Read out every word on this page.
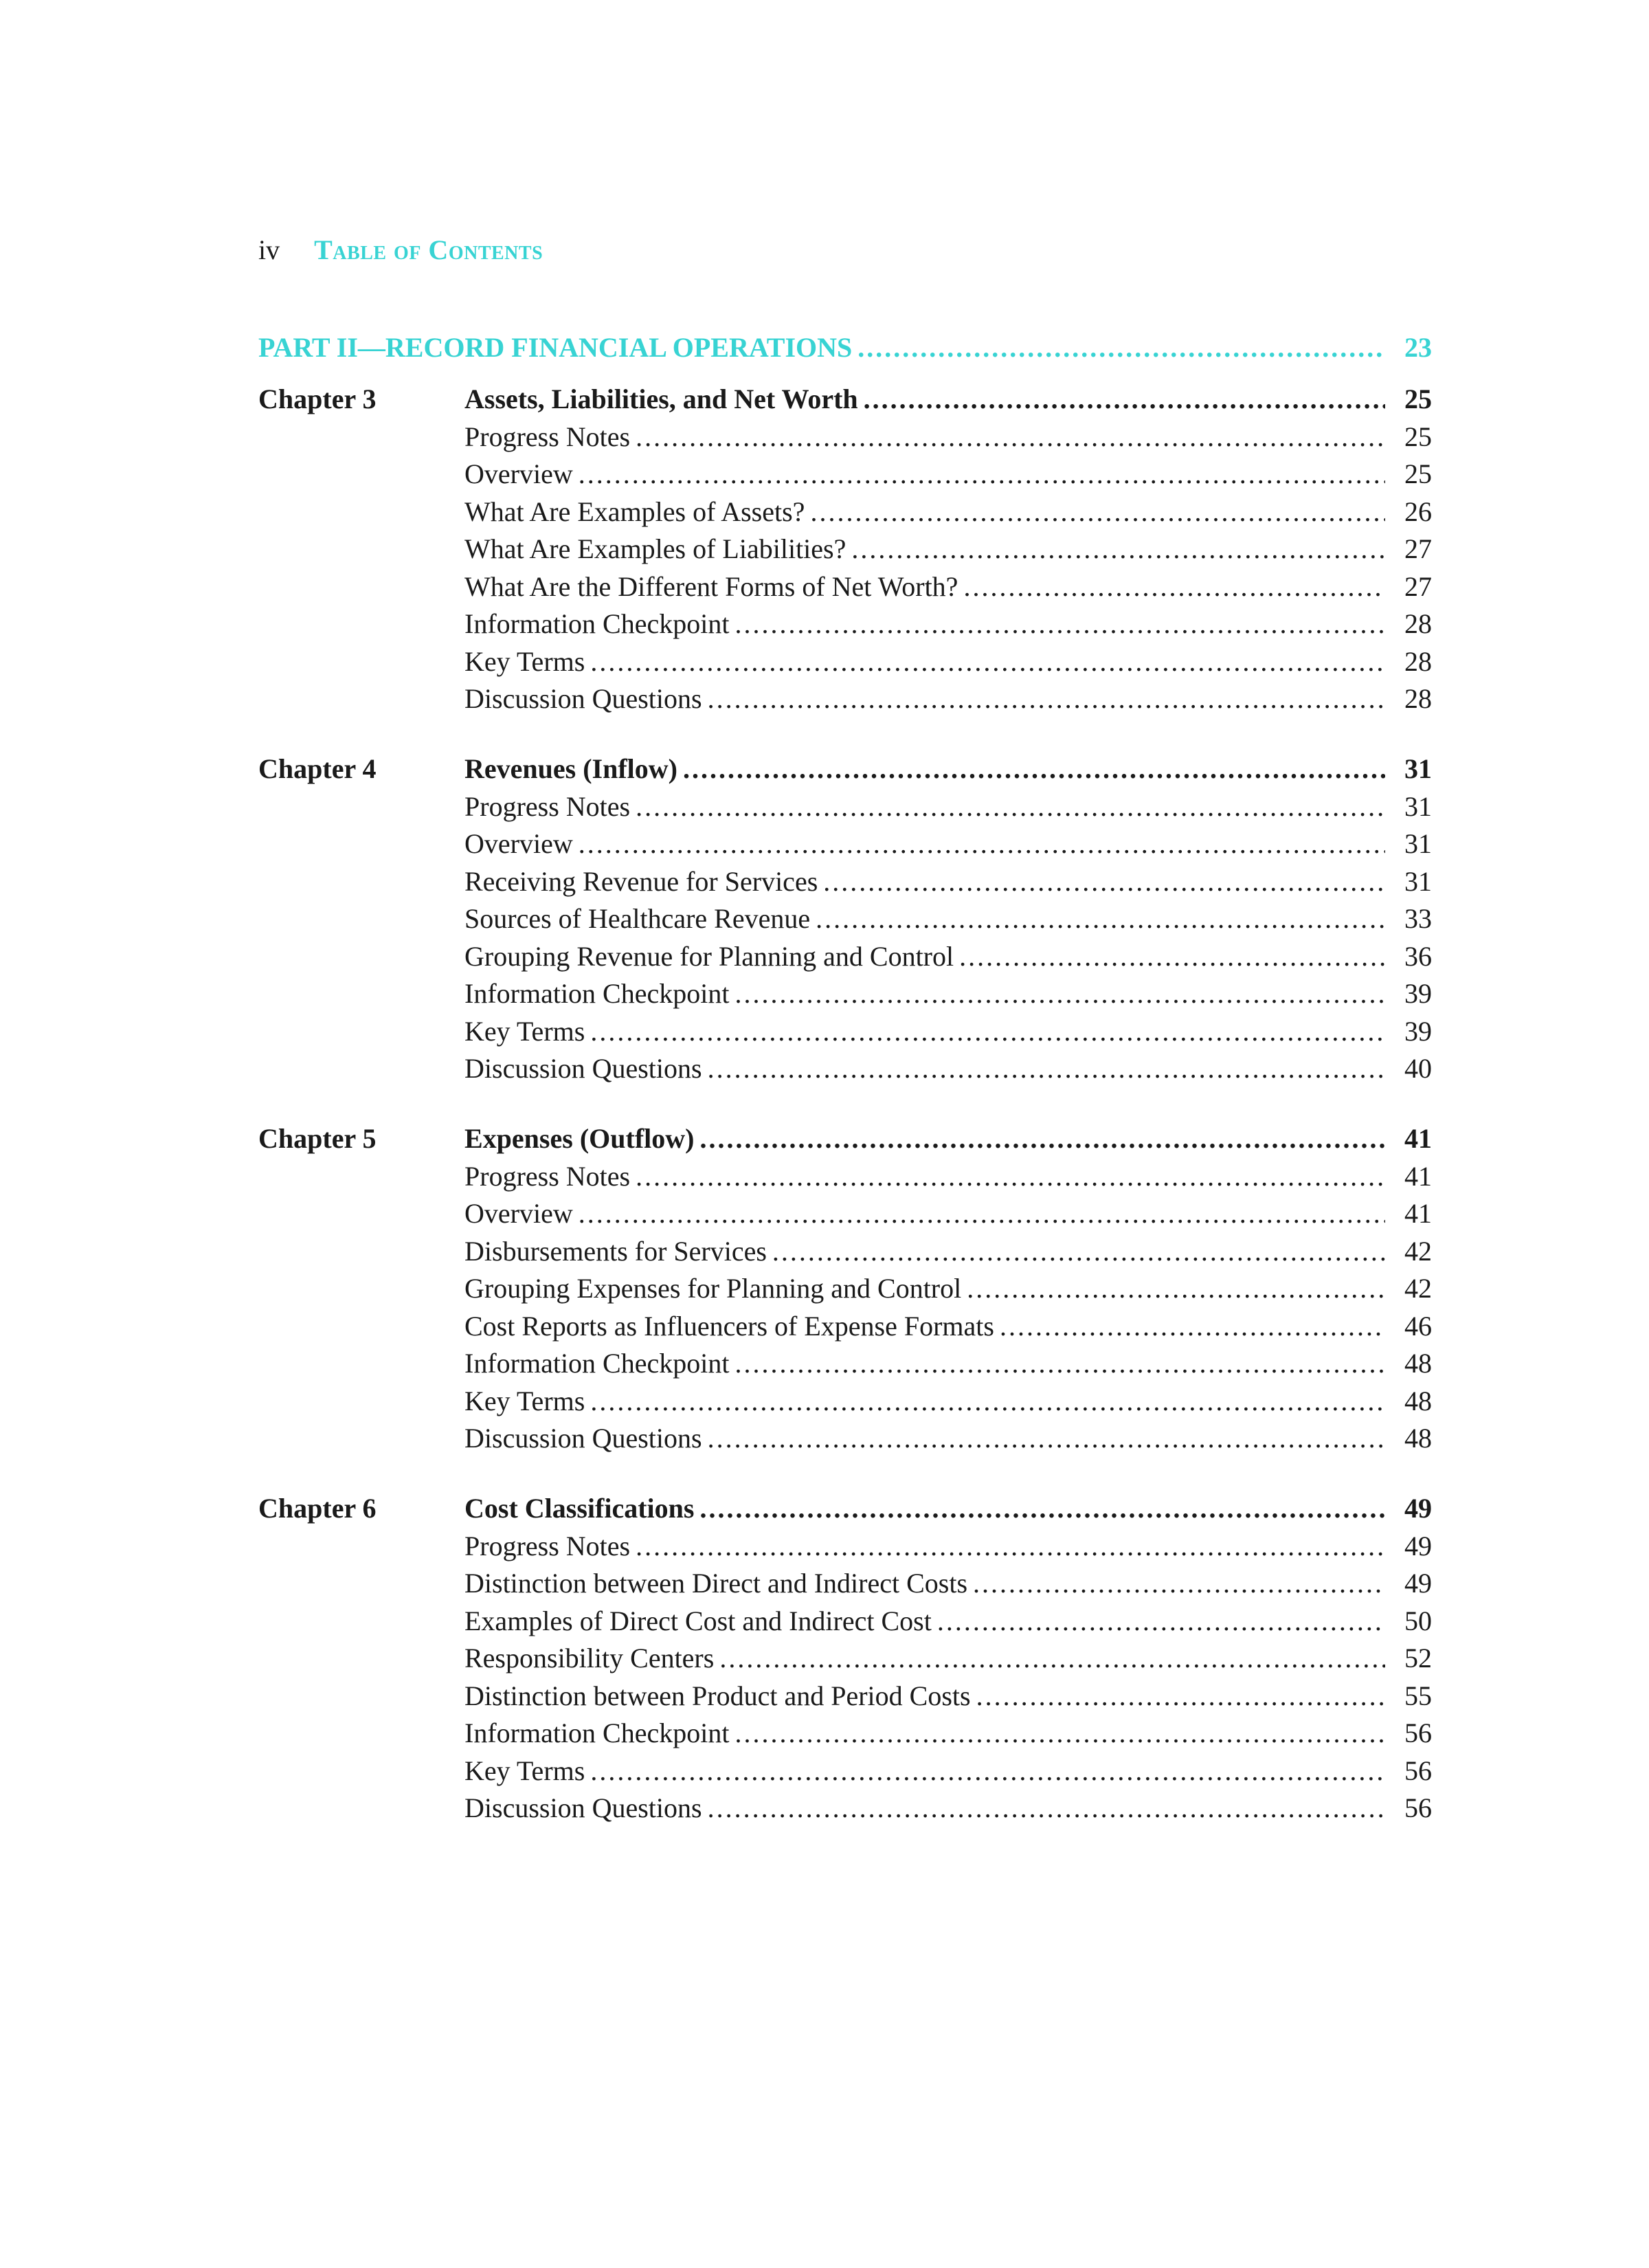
iv Table of Contents
PART II—RECORD FINANCIAL OPERATIONS .....	23
Chapter 3	Assets, Liabilities, and Net Worth .....	25
Progress Notes .....	25
Overview .....	25
What Are Examples of Assets? .....	26
What Are Examples of Liabilities? .....	27
What Are the Different Forms of Net Worth? .....	27
Information Checkpoint .....	28
Key Terms .....	28
Discussion Questions .....	28
Chapter 4	Revenues (Inflow) .....	31
Progress Notes .....	31
Overview .....	31
Receiving Revenue for Services .....	31
Sources of Healthcare Revenue .....	33
Grouping Revenue for Planning and Control .....	36
Information Checkpoint .....	39
Key Terms .....	39
Discussion Questions .....	40
Chapter 5	Expenses (Outflow) .....	41
Progress Notes .....	41
Overview .....	41
Disbursements for Services .....	42
Grouping Expenses for Planning and Control .....	42
Cost Reports as Influencers of Expense Formats .....	46
Information Checkpoint .....	48
Key Terms .....	48
Discussion Questions .....	48
Chapter 6	Cost Classifications .....	49
Progress Notes .....	49
Distinction between Direct and Indirect Costs .....	49
Examples of Direct Cost and Indirect Cost .....	50
Responsibility Centers .....	52
Distinction between Product and Period Costs .....	55
Information Checkpoint .....	56
Key Terms .....	56
Discussion Questions .....	56
